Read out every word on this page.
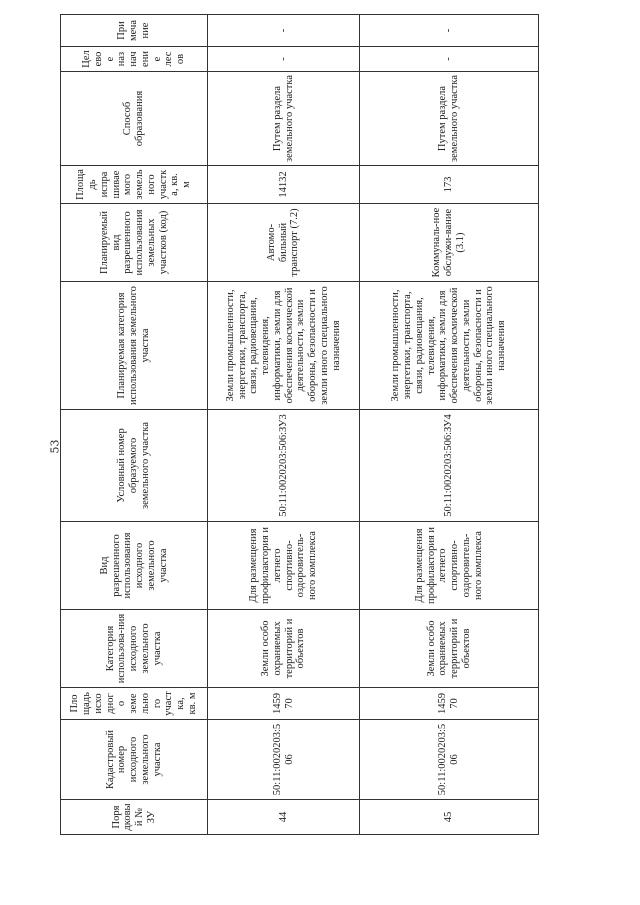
53
Порядковый № ЗУ	Кадастровый номер исходного земельного участка	Площадь исходного земельного участка, кв. м	Категория использова-ния исходного земельного участка	Вид разрешенного использования исходного земельного участка	Условный номер образуемого земельного участка	Планируемая категория использования земельного участка	Планируемый вид разрешенного использования земельных участков (код)	Площадь испрашиваемого земельного участка, кв. м	Способ образования	Целевое назначение лесов	Примечание
44	50:11:0020203:506	145970	Земли особо охраняемых территорий и объектов	Для размещения профилактория и летнего спортивно-оздоровитель-ного комплекса	50:11:0020203:506:ЗУ3	Земли промышленности, энергетики, транспорта, связи, радиовещания, телевидения, информатики, земли для обеспечения космической деятельности, земли обороны, безопасности и земли иного специального назначения	Автомо-бильный транспорт (7.2)	14132	Путем раздела земельного участка	-	-
45	50:11:0020203:506	145970	Земли особо охраняемых территорий и объектов	Для размещения профилактория и летнего спортивно-оздоровитель-ного комплекса	50:11:0020203:506:ЗУ4	Земли промышленности, энергетики, транспорта, связи, радиовещания, телевидения, информатики, земли для обеспечения космической деятельности, земли обороны, безопасности и земли иного специального назначения	Коммуналь-ное обслужи-вание (3.1)	173	Путем раздела земельного участка	-	-
